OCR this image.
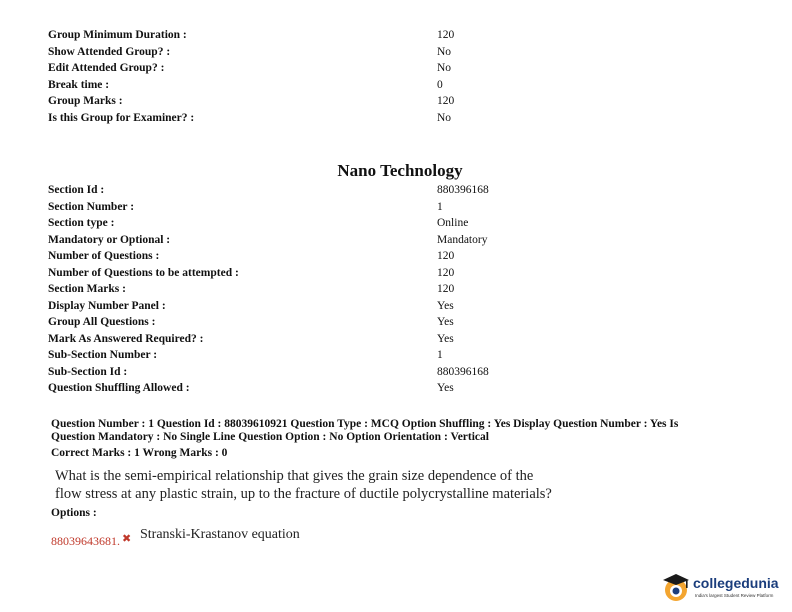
Group Minimum Duration :	120
Show Attended Group? :	No
Edit Attended Group? :	No
Break time :	0
Group Marks :	120
Is this Group for Examiner? :	No
Nano Technology
Section Id :	880396168
Section Number :	1
Section type :	Online
Mandatory or Optional :	Mandatory
Number of Questions :	120
Number of Questions to be attempted :	120
Section Marks :	120
Display Number Panel :	Yes
Group All Questions :	Yes
Mark As Answered Required? :	Yes
Sub-Section Number :	1
Sub-Section Id :	880396168
Question Shuffling Allowed :	Yes
Question Number : 1 Question Id : 88039610921 Question Type : MCQ Option Shuffling : Yes Display Question Number : Yes Is
Question Mandatory : No Single Line Question Option : No Option Orientation : Vertical
Correct Marks : 1 Wrong Marks : 0
What is the semi-empirical relationship that gives the grain size dependence of the
flow stress at any plastic strain, up to the fracture of ductile polycrystalline materials?
Options :
88039643681. ✖ Stranski-Krastanov equation
collegedunia
India's largest Student Review Platform
